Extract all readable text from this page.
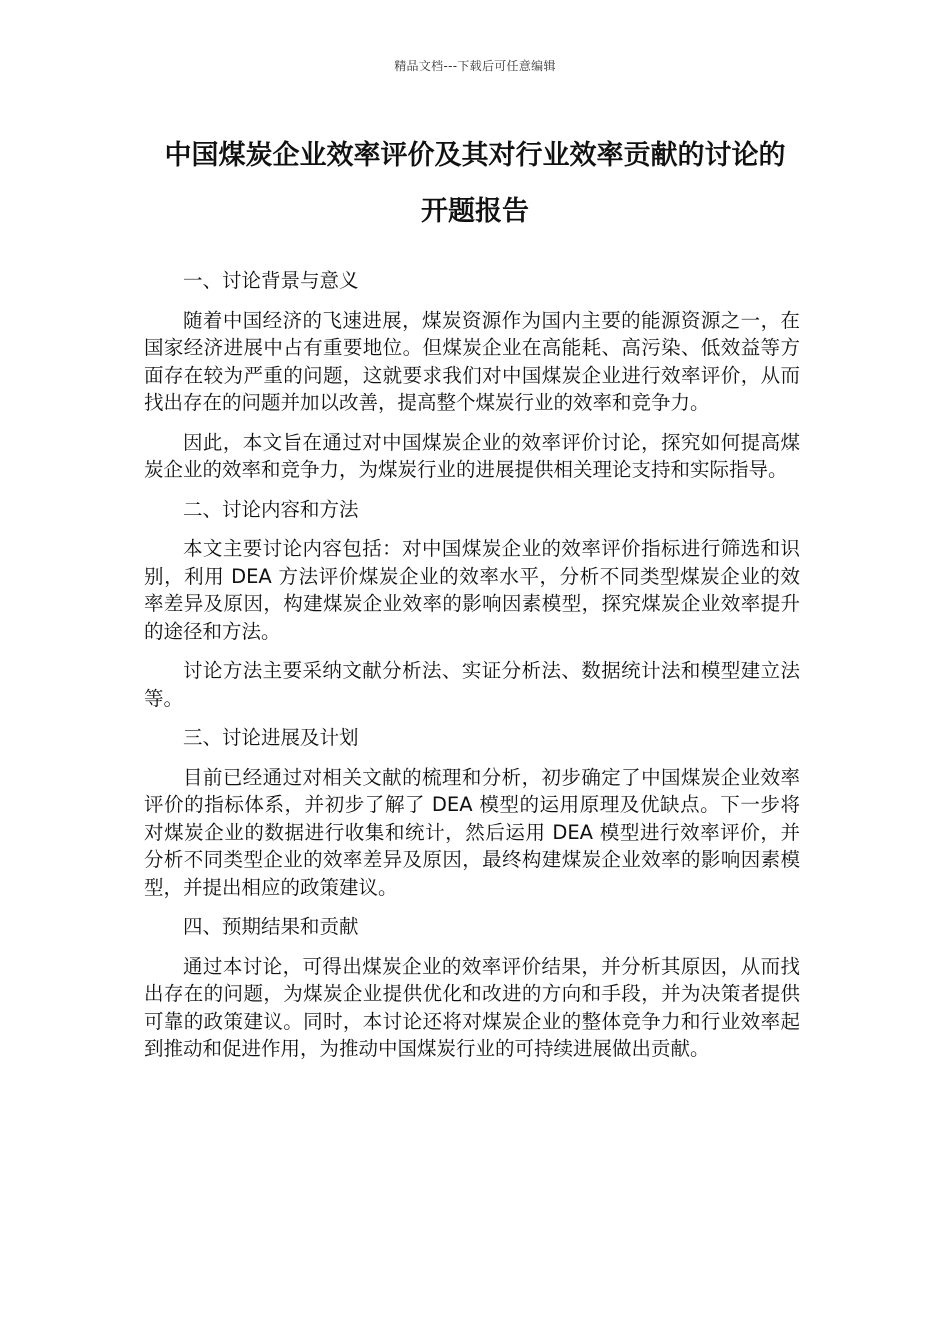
精品文档---下载后可任意编辑
中国煤炭企业效率评价及其对行业效率贡献的讨论的
开题报告

一、讨论背景与意义

随着中国经济的飞速进展，煤炭资源作为国内主要的能源资源之一，在国家经济进展中占有重要地位。但煤炭企业在高能耗、高污染、低效益等方面存在较为严重的问题，这就要求我们对中国煤炭企业进行效率评价，从而找出存在的问题并加以改善，提高整个煤炭行业的效率和竞争力。

因此，本文旨在通过对中国煤炭企业的效率评价讨论，探究如何提高煤炭企业的效率和竞争力，为煤炭行业的进展提供相关理论支持和实际指导。

二、讨论内容和方法

本文主要讨论内容包括：对中国煤炭企业的效率评价指标进行筛选和识别，利用 DEA 方法评价煤炭企业的效率水平，分析不同类型煤炭企业的效率差异及原因，构建煤炭企业效率的影响因素模型，探究煤炭企业效率提升的途径和方法。

讨论方法主要采纳文献分析法、实证分析法、数据统计法和模型建立法等。

三、讨论进展及计划

目前已经通过对相关文献的梳理和分析，初步确定了中国煤炭企业效率评价的指标体系，并初步了解了 DEA 模型的运用原理及优缺点。下一步将对煤炭企业的数据进行收集和统计，然后运用 DEA 模型进行效率评价，并分析不同类型企业的效率差异及原因，最终构建煤炭企业效率的影响因素模型，并提出相应的政策建议。

四、预期结果和贡献

通过本讨论，可得出煤炭企业的效率评价结果，并分析其原因，从而找出存在的问题，为煤炭企业提供优化和改进的方向和手段，并为决策者提供可靠的政策建议。同时，本讨论还将对煤炭企业的整体竞争力和行业效率起到推动和促进作用，为推动中国煤炭行业的可持续进展做出贡献。
